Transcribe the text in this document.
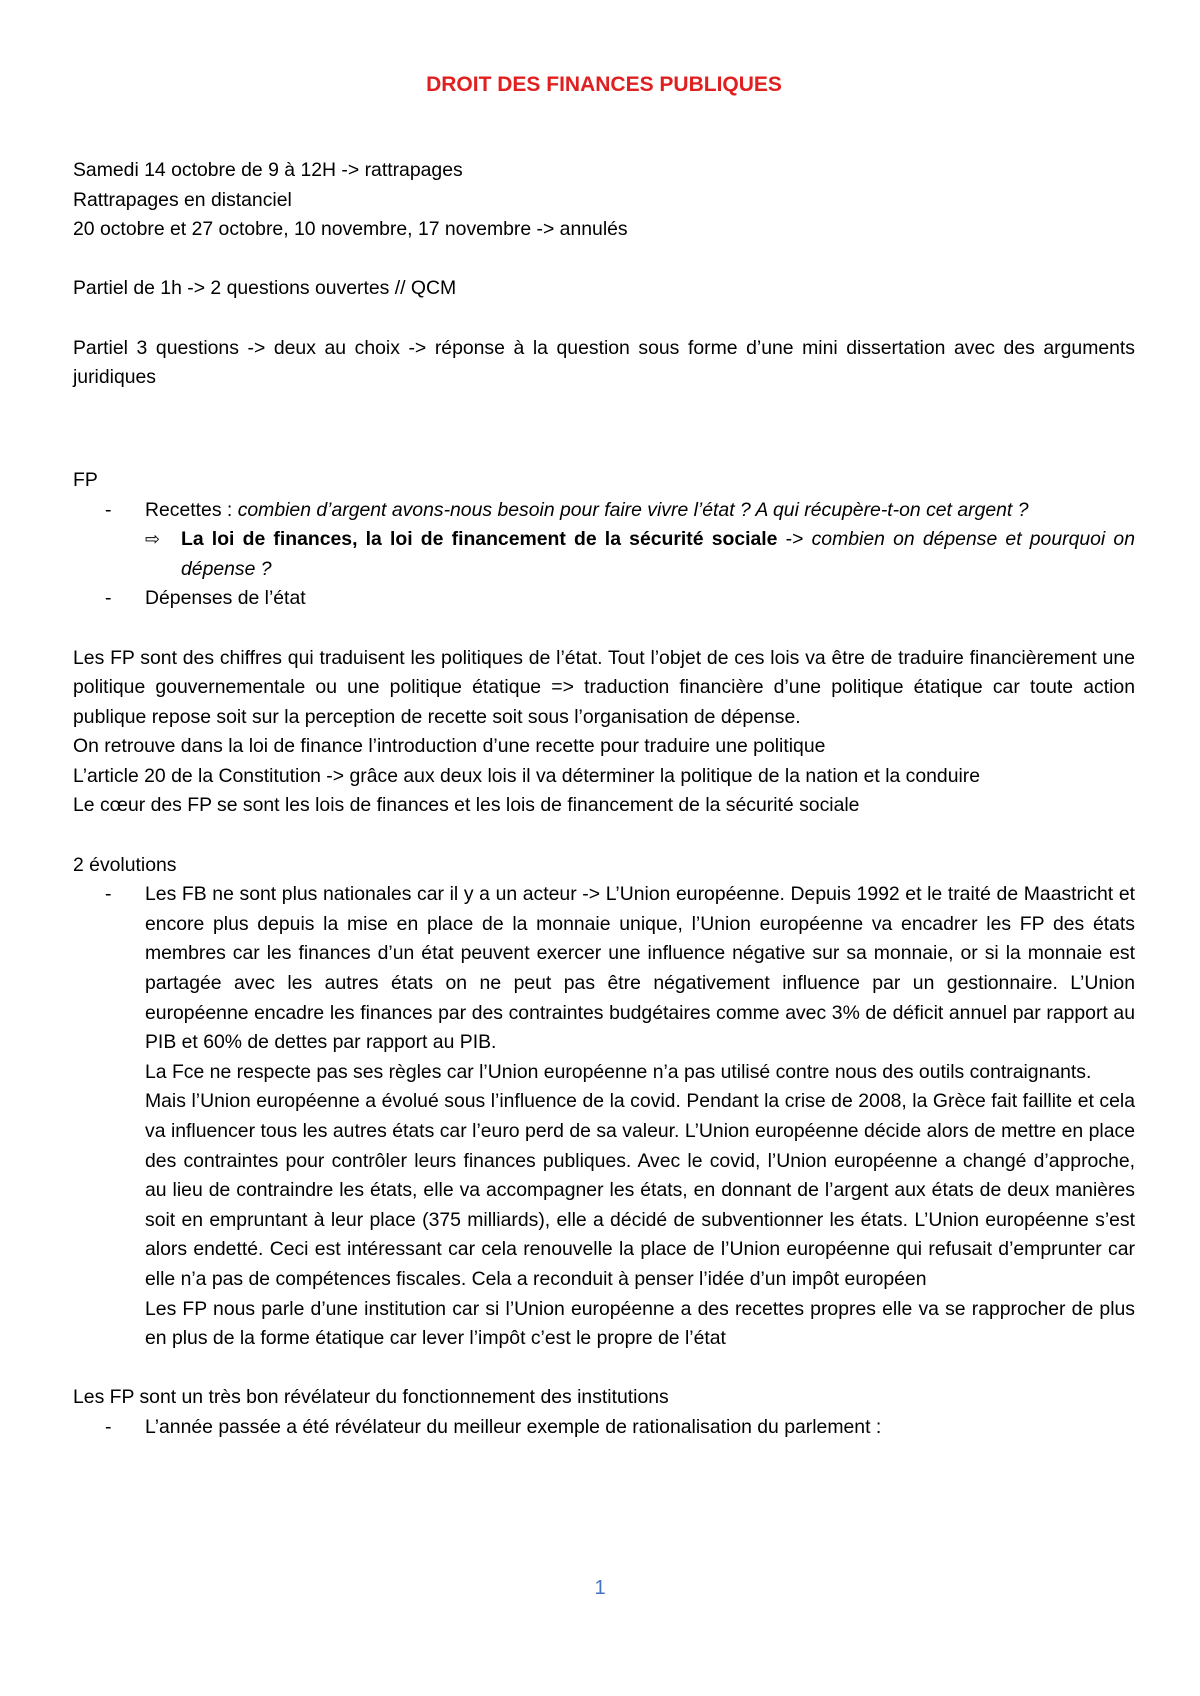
DROIT DES FINANCES PUBLIQUES

Samedi 14 octobre de 9 à 12H -> rattrapages

Rattrapages en distanciel

20 octobre et 27 octobre, 10 novembre, 17 novembre -> annulés

Partiel de 1h -> 2 questions ouvertes // QCM

Partiel 3 questions -> deux au choix -> réponse à la question sous forme d’une mini dissertation avec des arguments juridiques

FP

- Recettes : combien d’argent avons-nous besoin pour faire vivre l’état ? A qui récupère-t-on cet argent ?
⇨ La loi de finances, la loi de financement de la sécurité sociale -> combien on dépense et pourquoi on dépense ?
- Dépenses de l’état

Les FP sont des chiffres qui traduisent les politiques de l’état. Tout l’objet de ces lois va être de traduire financièrement une politique gouvernementale ou une politique étatique => traduction financière d’une politique étatique car toute action publique repose soit sur la perception de recette soit sous l’organisation de dépense.

On retrouve dans la loi de finance l’introduction d’une recette pour traduire une politique

L’article 20 de la Constitution -> grâce aux deux lois il va déterminer la politique de la nation et la conduire

Le cœur des FP se sont les lois de finances et les lois de financement de la sécurité sociale

2 évolutions

- Les FB ne sont plus nationales car il y a un acteur -> L’Union européenne. Depuis 1992 et le traité de Maastricht et encore plus depuis la mise en place de la monnaie unique, l’Union européenne va encadrer les FP des états membres car les finances d’un état peuvent exercer une influence négative sur sa monnaie, or si la monnaie est partagée avec les autres états on ne peut pas être négativement influence par un gestionnaire. L’Union européenne encadre les finances par des contraintes budgétaires comme avec 3% de déficit annuel par rapport au PIB et 60% de dettes par rapport au PIB.

La Fce ne respecte pas ses règles car l’Union européenne n’a pas utilisé contre nous des outils contraignants.

Mais l’Union européenne a évolué sous l’influence de la covid. Pendant la crise de 2008, la Grèce fait faillite et cela va influencer tous les autres états car l’euro perd de sa valeur. L’Union européenne décide alors de mettre en place des contraintes pour contrôler leurs finances publiques. Avec le covid, l’Union européenne a changé d’approche, au lieu de contraindre les états, elle va accompagner les états, en donnant de l’argent aux états de deux manières soit en empruntant à leur place (375 milliards), elle a décidé de subventionner les états. L’Union européenne s’est alors endetté. Ceci est intéressant car cela renouvelle la place de l’Union européenne qui refusait d’emprunter car elle n’a pas de compétences fiscales. Cela a reconduit à penser l’idée d’un impôt européen

Les FP nous parle d’une institution car si l’Union européenne a des recettes propres elle va se rapprocher de plus en plus de la forme étatique car lever l’impôt c’est le propre de l’état

Les FP sont un très bon révélateur du fonctionnement des institutions

- L’année passée a été révélateur du meilleur exemple de rationalisation du parlement :
1
